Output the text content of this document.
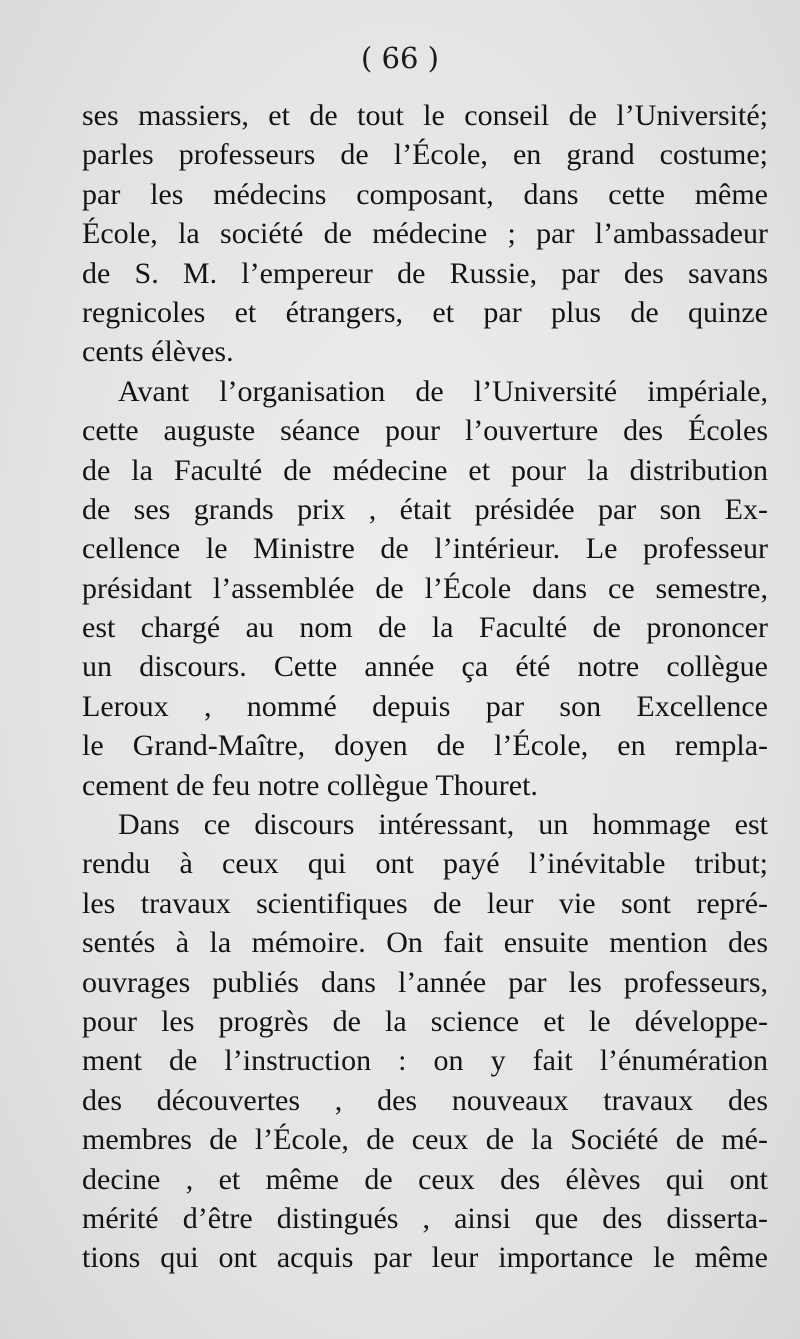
( 66 )
ses massiers, et de tout le conseil de l’Université;
parles professeurs de l’École, en grand costume;
par les médecins composant, dans cette même
École, la société de médecine ; par l’ambassadeur
de S. M. l’empereur de Russie, par des savans
regnicoles et étrangers, et par plus de quinze
cents élèves.
Avant l’organisation de l’Université impériale,
cette auguste séance pour l’ouverture des Écoles
de la Faculté de médecine et pour la distribution
de ses grands prix , était présidée par son Ex-
cellence le Ministre de l’intérieur. Le professeur
présidant l’assemblée de l’École dans ce semestre,
est chargé au nom de la Faculté de prononcer
un discours. Cette année ça été notre collègue
Leroux , nommé depuis par son Excellence
le Grand-Maître, doyen de l’École, en rempla-
cement de feu notre collègue Thouret.
Dans ce discours intéressant, un hommage est
rendu à ceux qui ont payé l’inévitable tribut;
les travaux scientifiques de leur vie sont repré-
sentés à la mémoire. On fait ensuite mention des
ouvrages publiés dans l’année par les professeurs,
pour les progrès de la science et le développe-
ment de l’instruction : on y fait l’énumération
des découvertes , des nouveaux travaux des
membres de l’École, de ceux de la Société de mé-
decine , et même de ceux des élèves qui ont
mérité d’être distingués , ainsi que des disserta-
tions qui ont acquis par leur importance le même
